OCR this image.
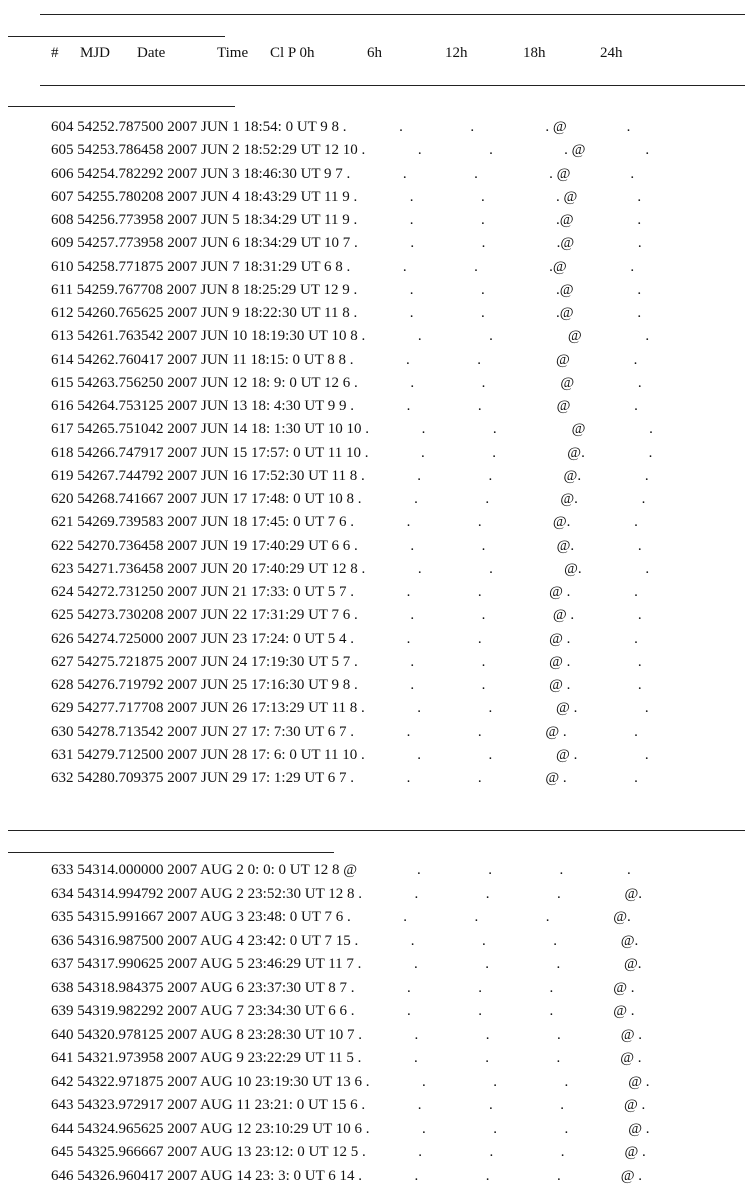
# MJD Date	Time Cl P 0h	6h	12h	18h	24h
604 54252.787500 2007 JUN 1 18:54: 0 UT 9 8 .              .                  .                   . @                .
605 54253.786458 2007 JUN 2 18:52:29 UT 12 10 .              .                  .                   . @                .
606 54254.782292 2007 JUN 3 18:46:30 UT 9 7 .              .                  .                   . @                .
607 54255.780208 2007 JUN 4 18:43:29 UT 11 9 .              .                  .                   . @                .
608 54256.773958 2007 JUN 5 18:34:29 UT 11 9 .              .                  .                   .@                 .
609 54257.773958 2007 JUN 6 18:34:29 UT 10 7 .              .                  .                   .@                 .
610 54258.771875 2007 JUN 7 18:31:29 UT 6 8 .              .                  .                   .@                 .
611 54259.767708 2007 JUN 8 18:25:29 UT 12 9 .              .                  .                   .@                 .
612 54260.765625 2007 JUN 9 18:22:30 UT 11 8 .              .                  .                   .@                 .
613 54261.763542 2007 JUN 10 18:19:30 UT 10 8 .              .                  .                    @                 .
614 54262.760417 2007 JUN 11 18:15: 0 UT 8 8 .              .                  .                    @                 .
615 54263.756250 2007 JUN 12 18: 9: 0 UT 12 6 .              .                  .                    @                 .
616 54264.753125 2007 JUN 13 18: 4:30 UT 9 9 .              .                  .                    @                 .
617 54265.751042 2007 JUN 14 18: 1:30 UT 10 10 .              .                  .                    @                 .
618 54266.747917 2007 JUN 15 17:57: 0 UT 11 10 .              .                  .                   @.                 .
619 54267.744792 2007 JUN 16 17:52:30 UT 11 8 .              .                  .                   @.                 .
620 54268.741667 2007 JUN 17 17:48: 0 UT 10 8 .              .                  .                   @.                 .
621 54269.739583 2007 JUN 18 17:45: 0 UT 7 6 .              .                  .                   @.                 .
622 54270.736458 2007 JUN 19 17:40:29 UT 6 6 .              .                  .                   @.                 .
623 54271.736458 2007 JUN 20 17:40:29 UT 12 8 .              .                  .                   @.                 .
624 54272.731250 2007 JUN 21 17:33: 0 UT 5 7 .              .                  .                  @ .                 .
625 54273.730208 2007 JUN 22 17:31:29 UT 7 6 .              .                  .                  @ .                 .
626 54274.725000 2007 JUN 23 17:24: 0 UT 5 4 .              .                  .                  @ .                 .
627 54275.721875 2007 JUN 24 17:19:30 UT 5 7 .              .                  .                 @ .                  .
628 54276.719792 2007 JUN 25 17:16:30 UT 9 8 .              .                  .                 @ .                  .
629 54277.717708 2007 JUN 26 17:13:29 UT 11 8 .              .                  .                 @ .                  .
630 54278.713542 2007 JUN 27 17: 7:30 UT 6 7 .              .                  .                 @ .                  .
631 54279.712500 2007 JUN 28 17: 6: 0 UT 11 10 .              .                  .                 @ .                  .
632 54280.709375 2007 JUN 29 17: 1:29 UT 6 7 .              .                  .                 @ .                  .
633 54314.000000 2007 AUG 2 0: 0: 0 UT 12 8 @                .                  .                  .                 .
634 54314.994792 2007 AUG 2 23:52:30 UT 12 8 .              .                  .                  .                 @.
635 54315.991667 2007 AUG 3 23:48: 0 UT 7 6 .              .                  .                  .                 @.
636 54316.987500 2007 AUG 4 23:42: 0 UT 7 15 .              .                  .                  .                 @.
637 54317.990625 2007 AUG 5 23:46:29 UT 11 7 .              .                  .                  .                 @.
638 54318.984375 2007 AUG 6 23:37:30 UT 8 7 .              .                  .                  .                @ .
639 54319.982292 2007 AUG 7 23:34:30 UT 6 6 .              .                  .                  .                @ .
640 54320.978125 2007 AUG 8 23:28:30 UT 10 7 .              .                  .                  .                @ .
641 54321.973958 2007 AUG 9 23:22:29 UT 11 5 .              .                  .                  .                @ .
642 54322.971875 2007 AUG 10 23:19:30 UT 13 6 .              .                  .                  .                @ .
643 54323.972917 2007 AUG 11 23:21: 0 UT 15 6 .              .                  .                  .                @ .
644 54324.965625 2007 AUG 12 23:10:29 UT 10 6 .              .                  .                  .                @ .
645 54325.966667 2007 AUG 13 23:12: 0 UT 12 5 .              .                  .                  .                @ .
646 54326.960417 2007 AUG 14 23: 3: 0 UT 6 14 .              .                  .                  .                @ .
